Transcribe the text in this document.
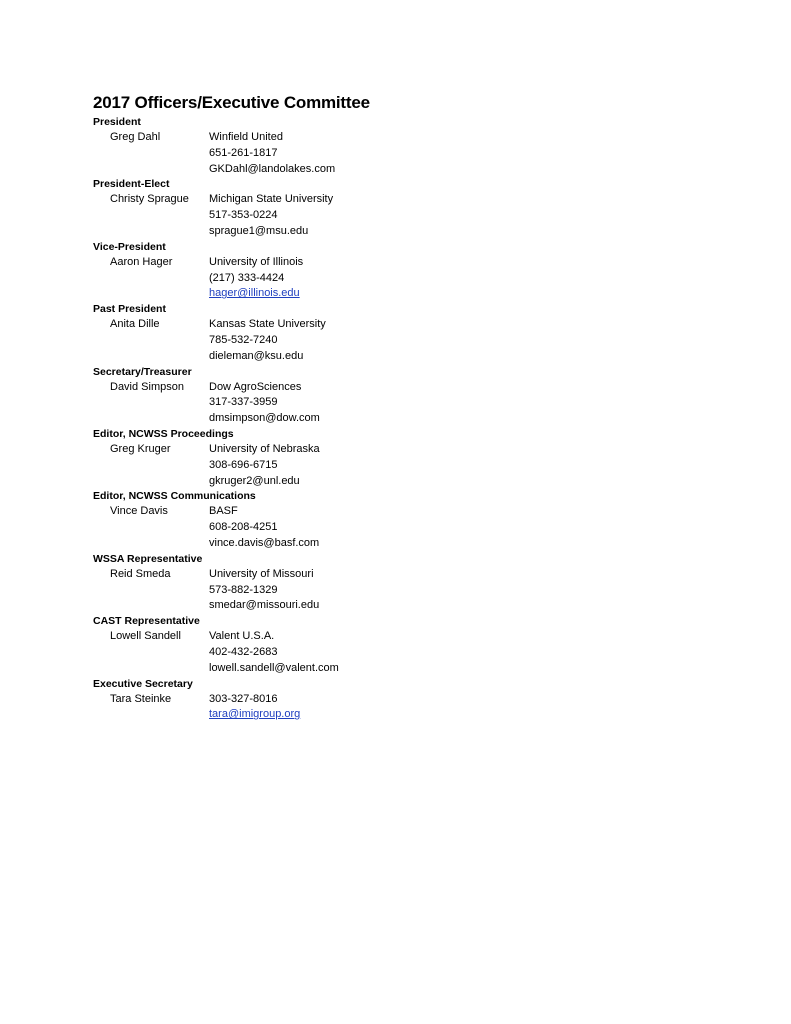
2017 Officers/Executive Committee
President
Greg Dahl	Winfield United
651-261-1817
GKDahl@landolakes.com
President-Elect
Christy Sprague Michigan State University
517-353-0224
sprague1@msu.edu
Vice-President
Aaron Hager	University of Illinois
(217) 333-4424
hager@illinois.edu
Past President
Anita Dille	Kansas State University
785-532-7240
dieleman@ksu.edu
Secretary/Treasurer
David Simpson Dow AgroSciences
317-337-3959
dmsimpson@dow.com
Editor, NCWSS Proceedings
Greg Kruger	University of Nebraska
308-696-6715
gkruger2@unl.edu
Editor, NCWSS Communications
Vince Davis	BASF
608-208-4251
vince.davis@basf.com
WSSA Representative
Reid Smeda	University of Missouri
573-882-1329
smedar@missouri.edu
CAST Representative
Lowell Sandell	Valent U.S.A.
402-432-2683
lowell.sandell@valent.com
Executive Secretary
Tara Steinke	303-327-8016
tara@imigroup.org
